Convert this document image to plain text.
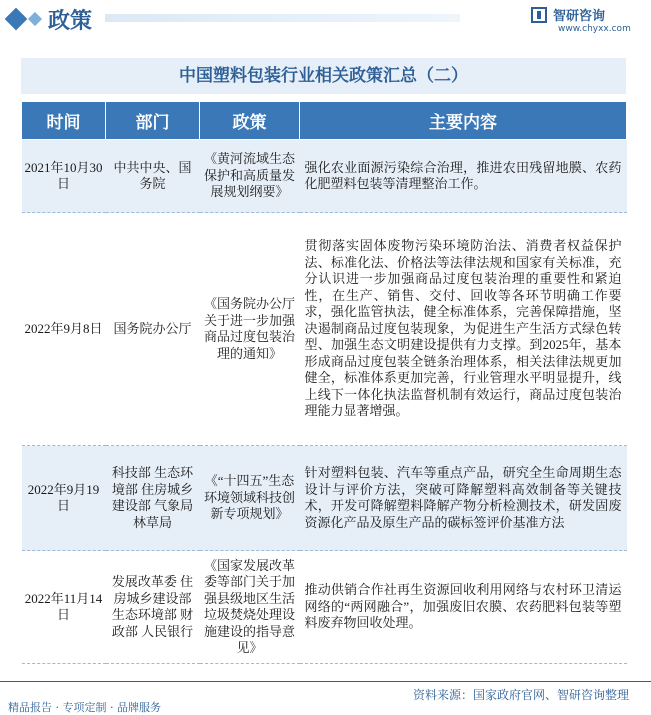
政策	智研咨询
www.chyxx.com
中国塑料包装行业相关政策汇总（二）
时间	部门	政策	主要内容
2021年10月30日	中共中央、国务院	《黄河流域生态保护和高质量发展规划纲要》	强化农业面源污染综合治理，推进农田残留地膜、农药化肥塑料包装等清理整治工作。
2022年9月8日	国务院办公厅	《国务院办公厅关于进一步加强商品过度包装治理的通知》	贯彻落实固体废物污染环境防治法、消费者权益保护法、标准化法、价格法等法律法规和国家有关标准，充分认识进一步加强商品过度包装治理的重要性和紧迫性，在生产、销售、交付、回收等各环节明确工作要求，强化监管执法，健全标准体系，完善保障措施，坚决遏制商品过度包装现象，为促进生产生活方式绿色转型、加强生态文明建设提供有力支撑。到2025年，基本形成商品过度包装全链条治理体系，相关法律法规更加健全，标准体系更加完善，行业管理水平明显提升，线上线下一体化执法监督机制有效运行，商品过度包装治理能力显著增强。
2022年9月19日	科技部 生态环境部 住房城乡建设部 气象局 林草局	《“十四五”生态环境领域科技创新专项规划》	针对塑料包装、汽车等重点产品，研究全生命周期生态设计与评价方法，突破可降解塑料高效制备等关键技术，开发可降解塑料降解产物分析检测技术，研发固废资源化产品及原生产品的碳标签评价基准方法
2022年11月14日	发展改革委 住房城乡建设部 生态环境部 财政部 人民银行	《国家发展改革委等部门关于加强县级地区生活垃圾焚烧处理设施建设的指导意见》	推动供销合作社再生资源回收利用网络与农村环卫清运网络的“两网融合”，加强废旧农膜、农药肥料包装等塑料废弃物回收处理。
资料来源：国家政府官网、智研咨询整理
精品报告 · 专项定制 · 品牌服务
